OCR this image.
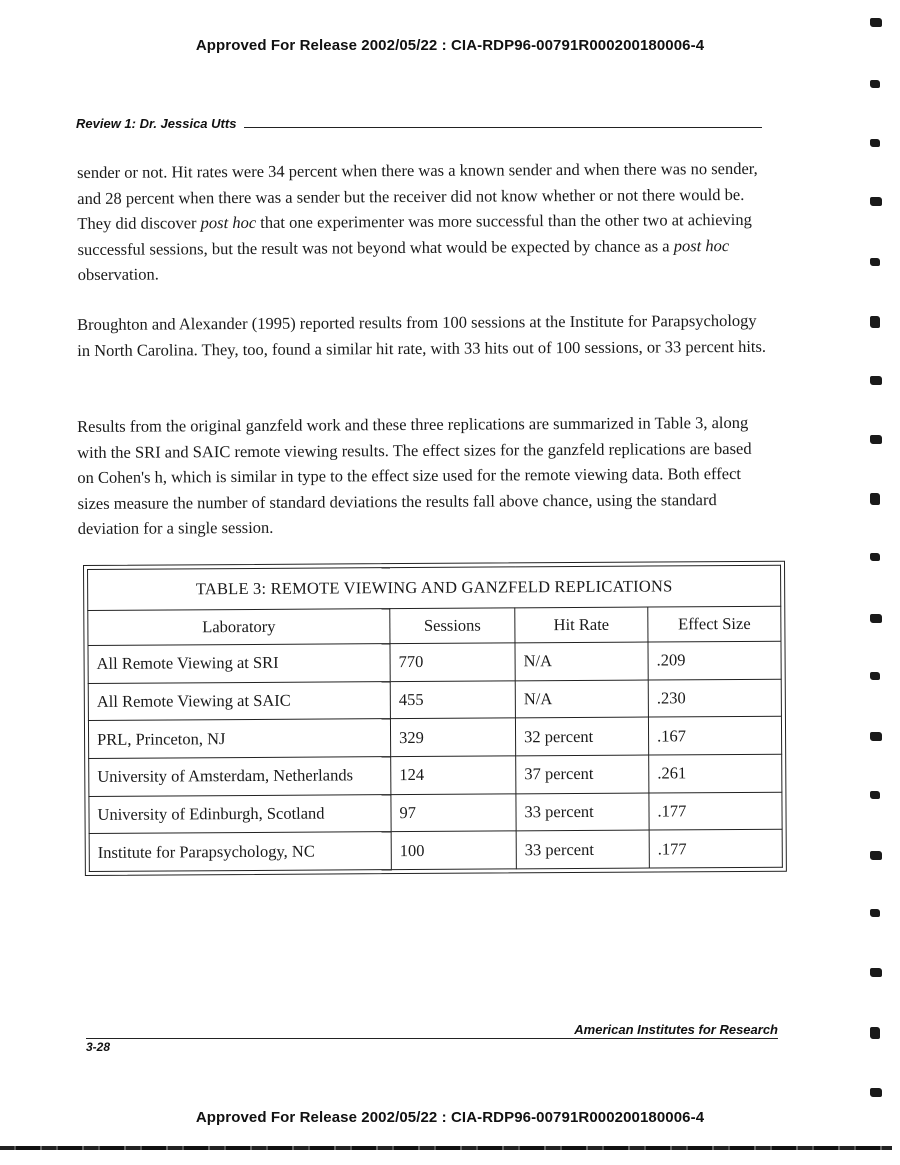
Approved For Release 2002/05/22 : CIA-RDP96-00791R000200180006-4
Review 1: Dr. Jessica Utts

sender or not. Hit rates were 34 percent when there was a known sender and when there was no sender, and 28 percent when there was a sender but the receiver did not know whether or not there would be. They did discover post hoc that one experimenter was more successful than the other two at achieving successful sessions, but the result was not beyond what would be expected by chance as a post hoc observation.

Broughton and Alexander (1995) reported results from 100 sessions at the Institute for Parapsychology in North Carolina. They, too, found a similar hit rate, with 33 hits out of 100 sessions, or 33 percent hits.

Results from the original ganzfeld work and these three replications are summarized in Table 3, along with the SRI and SAIC remote viewing results. The effect sizes for the ganzfeld replications are based on Cohen's h, which is similar in type to the effect size used for the remote viewing data. Both effect sizes measure the number of standard deviations the results fall above chance, using the standard deviation for a single session.

TABLE 3: REMOTE VIEWING AND GANZFELD REPLICATIONS			
Laboratory	Sessions	Hit Rate	Effect Size
All Remote Viewing at SRI	770	N/A	.209
All Remote Viewing at SAIC	455	N/A	.230
PRL, Princeton, NJ	329	32 percent	.167
University of Amsterdam, Netherlands	124	37 percent	.261
University of Edinburgh, Scotland	97	33 percent	.177
Institute for Parapsychology, NC	100	33 percent	.177
American Institutes for Research
3-28
Approved For Release 2002/05/22 : CIA-RDP96-00791R000200180006-4
